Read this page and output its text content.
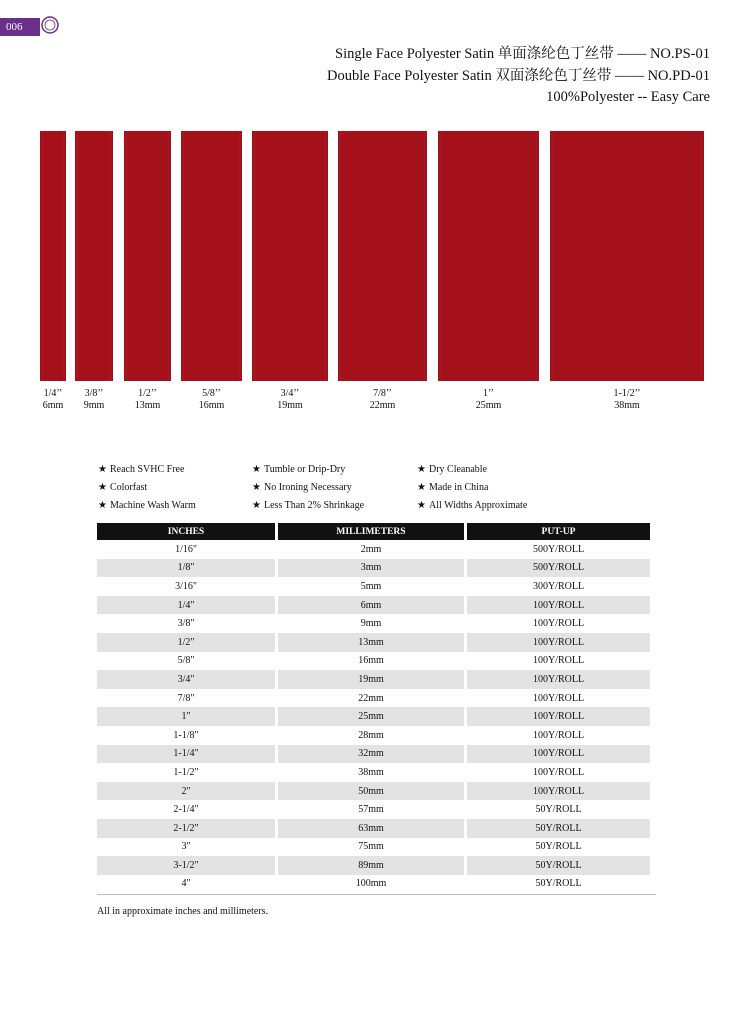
006
Single Face Polyester Satin 单面涤纶色丁丝带 —— NO.PS-01
Double Face Polyester Satin 双面涤纶色丁丝带 —— NO.PD-01
100%Polyester -- Easy Care
1/4’’
6mm
3/8’’
9mm
1/2’’
13mm
5/8’’
16mm
3/4’’
19mm
7/8’’
22mm
1’’
25mm
1-1/2’’
38mm
★ Reach SVHC Free
★ Colorfast
★ Machine Wash Warm
★ Tumble or Drip-Dry
★ No Ironing Necessary
★ Less Than 2% Shrinkage
★ Dry Cleanable
★ Made in China
★ All Widths Approximate
INCHES	MILLIMETERS	PUT-UP
1/16"	2mm	500Y/ROLL
1/8"	3mm	500Y/ROLL
3/16"	5mm	300Y/ROLL
1/4"	6mm	100Y/ROLL
3/8"	9mm	100Y/ROLL
1/2"	13mm	100Y/ROLL
5/8"	16mm	100Y/ROLL
3/4"	19mm	100Y/ROLL
7/8"	22mm	100Y/ROLL
1"	25mm	100Y/ROLL
1-1/8"	28mm	100Y/ROLL
1-1/4"	32mm	100Y/ROLL
1-1/2"	38mm	100Y/ROLL
2"	50mm	100Y/ROLL
2-1/4"	57mm	50Y/ROLL
2-1/2"	63mm	50Y/ROLL
3"	75mm	50Y/ROLL
3-1/2"	89mm	50Y/ROLL
4"	100mm	50Y/ROLL
All in approximate inches and millimeters.
